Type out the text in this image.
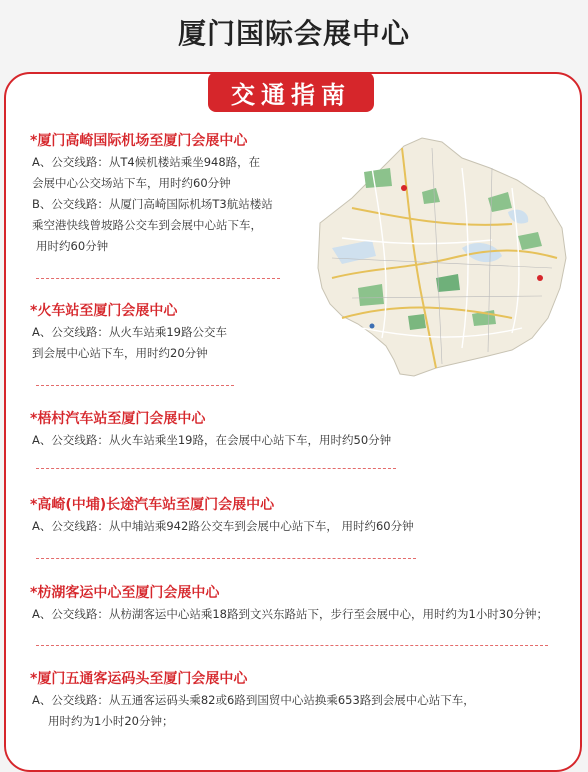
厦门国际会展中心
交通指南
*厦门高崎国际机场至厦门会展中心
A、公交线路：从T4候机楼站乘坐948路，在
会展中心公交场站下车，用时约60分钟
B、公交线路：从厦门高崎国际机场T3航站楼站
乘空港快线曾坡路公交车到会展中心站下车，
用时约60分钟
*火车站至厦门会展中心
A、公交线路：从火车站乘19路公交车
到会展中心站下车，用时约20分钟
*梧村汽车站至厦门会展中心
A、公交线路：从火车站乘坐19路，在会展中心站下车，用时约50分钟
*高崎(中埔)长途汽车站至厦门会展中心
A、公交线路：从中埔站乘942路公交车到会展中心站下车， 用时约60分钟
*枋湖客运中心至厦门会展中心
A、公交线路：从枋湖客运中心站乘18路到文兴东路站下，步行至会展中心，用时约为1小时30分钟；
*厦门五通客运码头至厦门会展中心
A、公交线路：从五通客运码头乘82或6路到国贸中心站换乘653路到会展中心站下车，
用时约为1小时20分钟；
